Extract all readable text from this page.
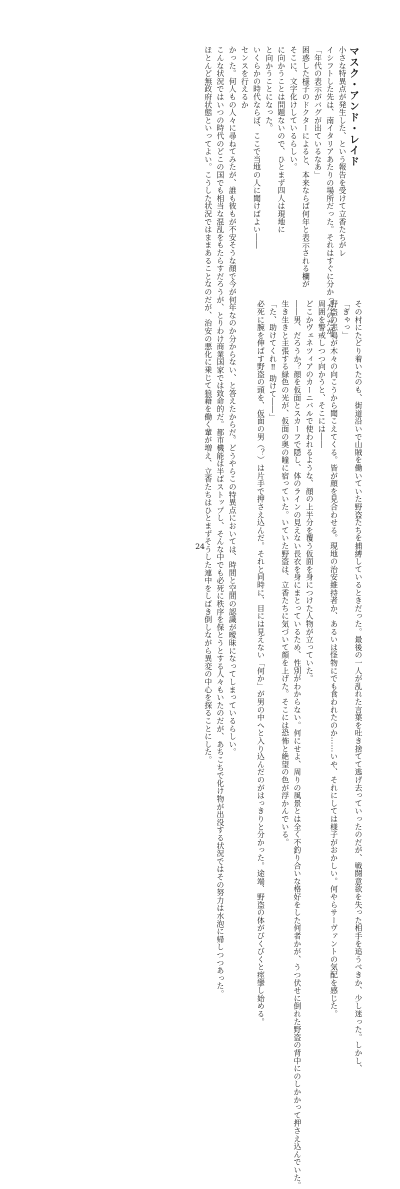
マスク・アンド・レイド
小さな特異点が発生した、という報告を受けて立香たちがレ
イシフトした先は、南イタリアあたりの場所だった。それはすぐに分かったのだが、
「年代の表示がバグが出ているなあ」
困惑した様子のドクターによると、本来ならば何年と表示される欄が
そこに、文字化けしているらしい。
に向かうことは問題ないので、ひとまず四人は現地に
と向かうことになった。
いくらかの時代ならば、ここで当地の人に聞けばよい――
センスを行えるか
かった。何人もの人々に尋ねてみたが、誰も彼もが不安そうな顔で今が何年なのか分からない、と答えたからだ。どうやらこの特異点においては、時間と空間の認識が曖昧になってしまっているらしい。
こんな状況ではいつの時代のどこの国でも相当な混乱をもたらすだろうが、とりわけ商業国家では致命的だ。都市機能は半ばストップし、そんな中でも必死に秩序を保とうとする人々もいたのだが、あちこちで化け物が出没する状況ではその努力は水泡に帰しつつあった。
ほとんど無政府状態といってよい。こうした状況ではままあることなのだが、治安の悪化に乗じて狼藉を働く輩が増え、立香たちはひとまずそうした連中をしばき倒しながら異変の中心を探ることにした。	その村にたどり着いたのも、街道沿いで山賊を働いていた野盗たちを捕縛しているときだった。最後の一人が乱れた言葉を吐き捨てて逃げ去っていったのだが、戦闘意欲を失った相手を追うべきか、少し迷った。しかし、
「ぎゃっ」
野盗の悲鳴が木々の向こうから聞こえてくる。皆が顔を見合わせる。現地の治安維持者か、あるいは怪物にでも食われたのか……いや、それにしては様子がおかしい。何やらサーヴァントの気配を感じた。
周囲を警戒しつつ向かうと、そこには――
どこかヴェネツィアのカーニバルで使われるような、顔の上半分を覆う仮面を身につけた人物が立っていた。
――男、だろうか？顔を仮面とスカーフで隠し、体のラインの見えない長衣を身にまとっているため、性別がわからない。何にせよ、周りの風景とは全く不釣り合いな格好をした何者かが、うつ伏せに倒れた野盗の背中にのしかかって押さえ込んでいた。
生き生きと主張する緑色の光が、仮面の奥の瞳に宿っていた。いていた野盗は、立香たちに気づいて顔を上げた。そこには恐怖と絶望の色が浮かんでいる。
「た、助けてくれ‼ 助けて――」
必死に腕を伸ばす野盗の頭を、仮面の男（？）は片手で押さえ込んだ。それと同時に、目には見えない「何か」が男の中へと入り込んだのがはっきりと分かった。途端、野盗の体がびくびくと痙攣し始める。
24
